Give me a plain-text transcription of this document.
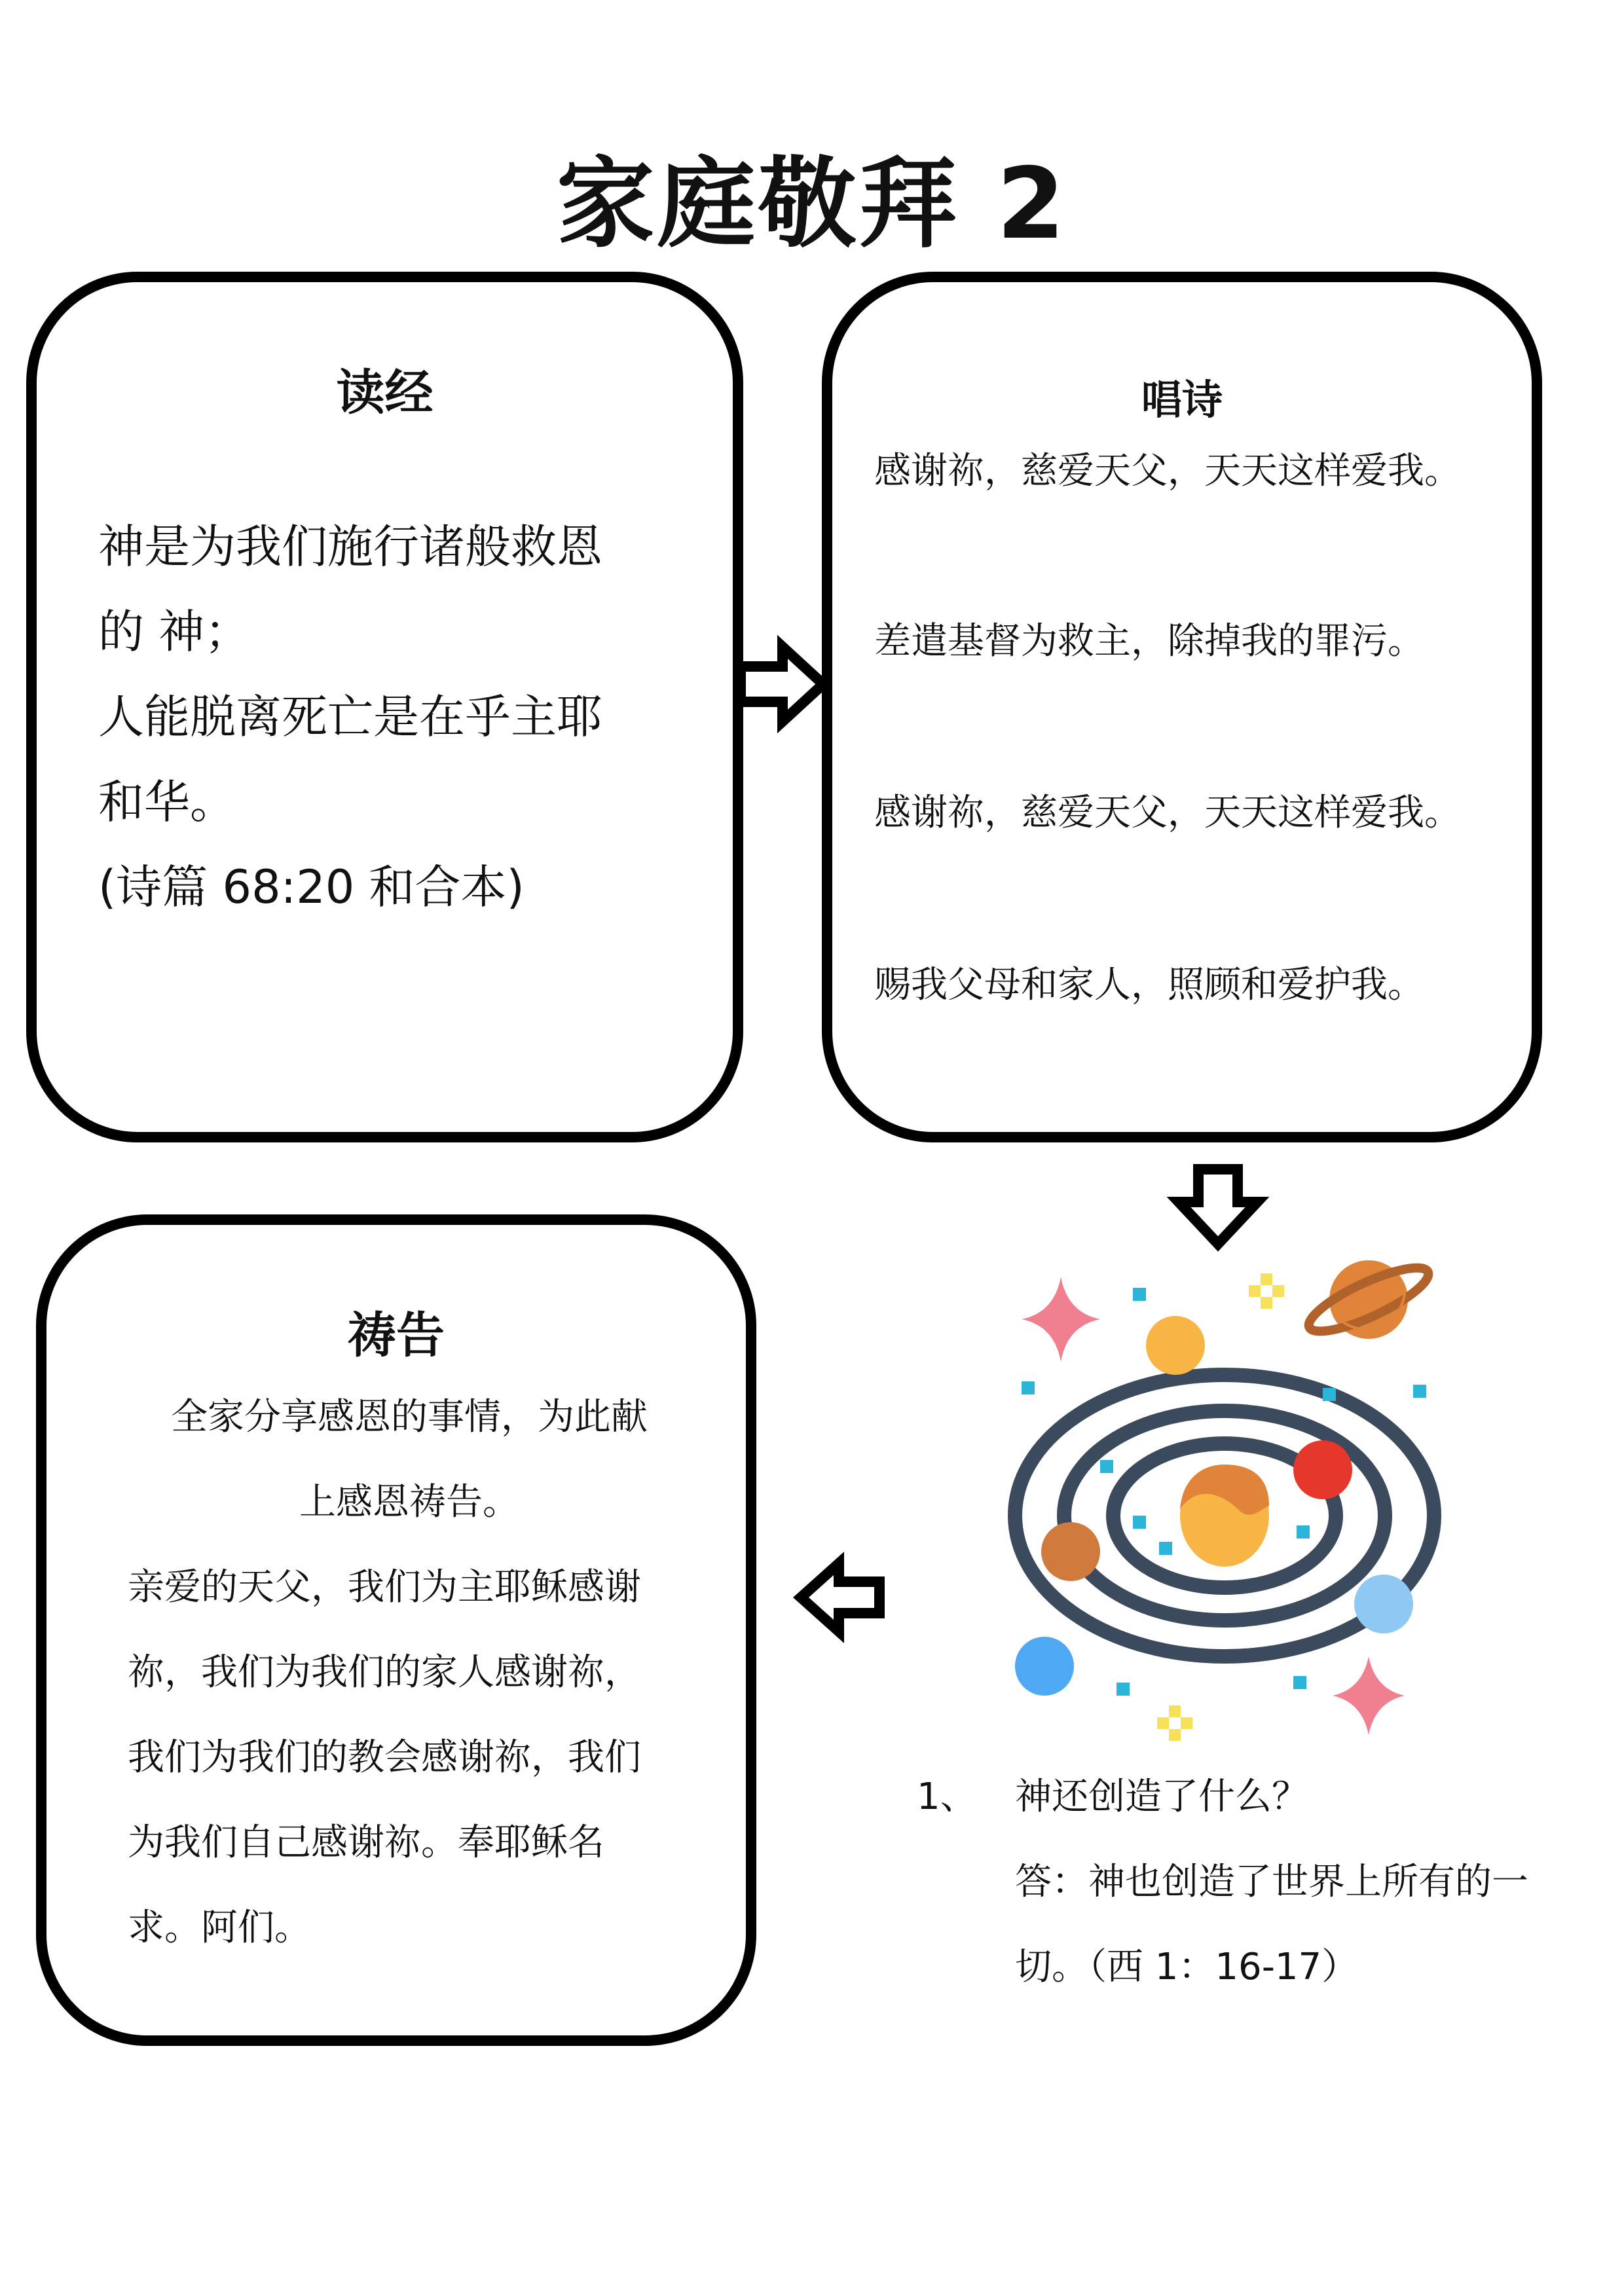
家庭敬拜 2
读经
神是为我们施行诸般救恩
的 神；
人能脱离死亡是在乎主耶
和华。
(诗篇 68:20 和合本)
唱诗
感谢祢，慈爱天父，天天这样爱我。
差遣基督为救主，除掉我的罪污。
感谢祢，慈爱天父，天天这样爱我。
赐我父母和家人，照顾和爱护我。
祷告
全家分享感恩的事情，为此献
上感恩祷告。
亲爱的天父，我们为主耶稣感谢
祢，我们为我们的家人感谢祢，
我们为我们的教会感谢祢，我们
为我们自己感谢祢。奉耶稣名
求。阿们。
1、 神还创造了什么？
答：神也创造了世界上所有的一
切。（西 1：16-17）
